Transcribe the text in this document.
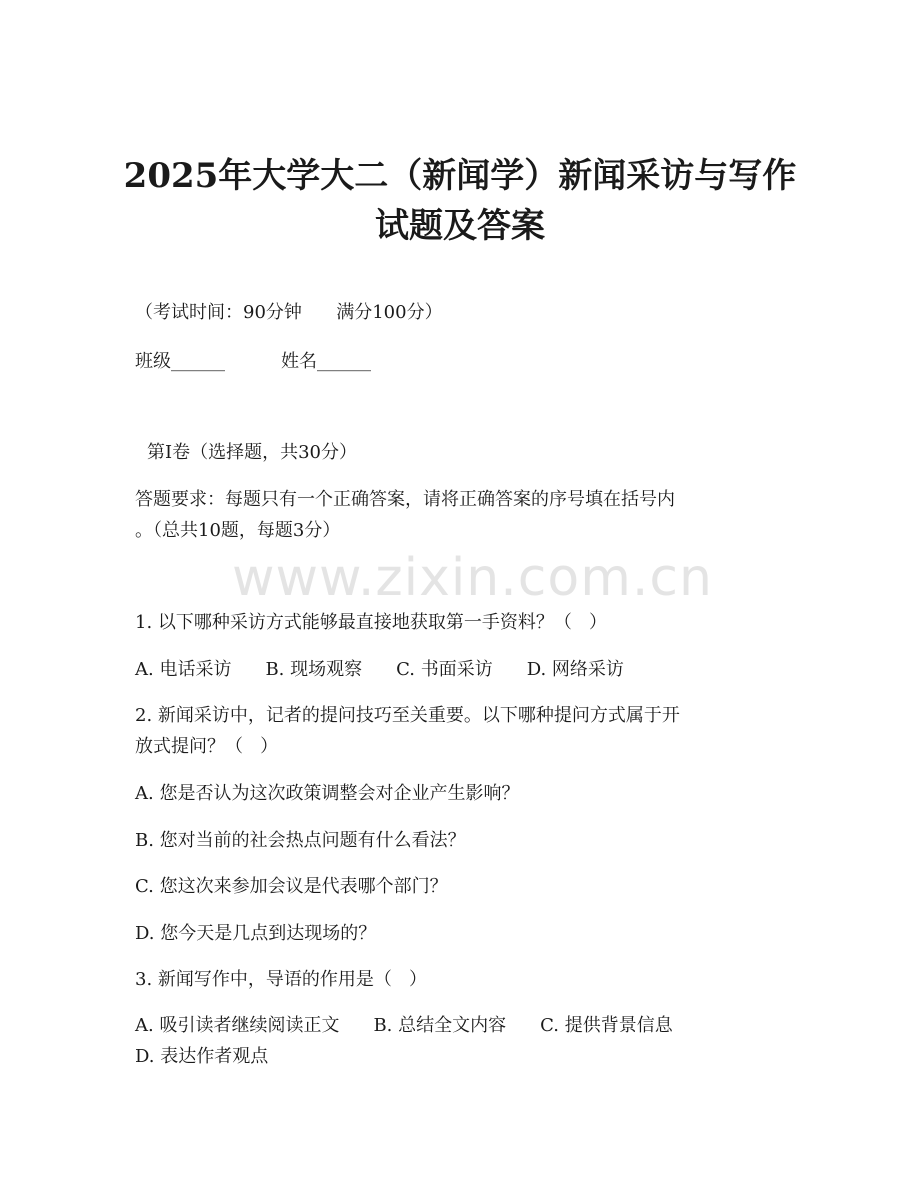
2025年大学大二（新闻学）新闻采访与写作
试题及答案
（考试时间：90分钟      满分100分）
班级______	姓名______
第Ⅰ卷（选择题，共30分）
答题要求：每题只有一个正确答案，请将正确答案的序号填在括号内
。（总共10题，每题3分）
www.zixin.com.cn
1. 以下哪种采访方式能够最直接地获取第一手资料？（   ）
A. 电话采访 B. 现场观察 C. 书面采访 D. 网络采访
2. 新闻采访中，记者的提问技巧至关重要。以下哪种提问方式属于开
放式提问？（   ）
A. 您是否认为这次政策调整会对企业产生影响？
B. 您对当前的社会热点问题有什么看法？
C. 您这次来参加会议是代表哪个部门？
D. 您今天是几点到达现场的？
3. 新闻写作中，导语的作用是（   ）
A. 吸引读者继续阅读正文 B. 总结全文内容 C. 提供背景信息
D. 表达作者观点
